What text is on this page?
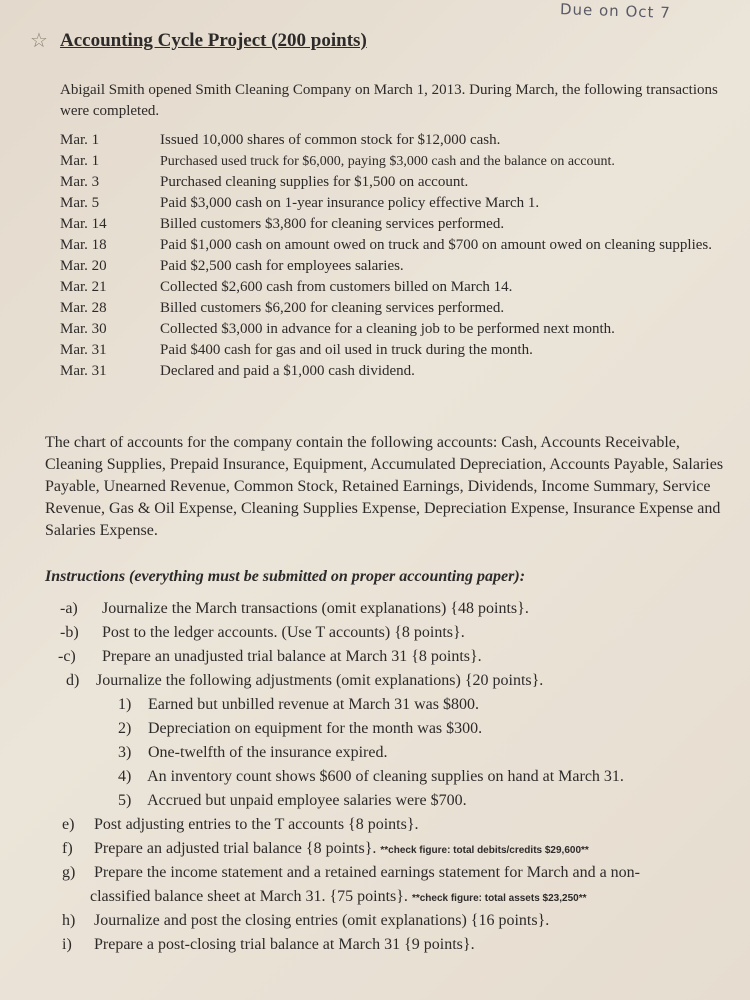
Due on Oct 7
☆ Accounting Cycle Project (200 points)
Abigail Smith opened Smith Cleaning Company on March 1, 2013. During March, the following transactions were completed.
Mar. 1	Issued 10,000 shares of common stock for $12,000 cash.
Mar. 1	Purchased used truck for $6,000, paying $3,000 cash and the balance on account.
Mar. 3	Purchased cleaning supplies for $1,500 on account.
Mar. 5	Paid $3,000 cash on 1-year insurance policy effective March 1.
Mar. 14	Billed customers $3,800 for cleaning services performed.
Mar. 18	Paid $1,000 cash on amount owed on truck and $700 on amount owed on cleaning supplies.
Mar. 20	Paid $2,500 cash for employees salaries.
Mar. 21	Collected $2,600 cash from customers billed on March 14.
Mar. 28	Billed customers $6,200 for cleaning services performed.
Mar. 30	Collected $3,000 in advance for a cleaning job to be performed next month.
Mar. 31	Paid $400 cash for gas and oil used in truck during the month.
Mar. 31	Declared and paid a $1,000 cash dividend.
The chart of accounts for the company contain the following accounts: Cash, Accounts Receivable, Cleaning Supplies, Prepaid Insurance, Equipment, Accumulated Depreciation, Accounts Payable, Salaries Payable, Unearned Revenue, Common Stock, Retained Earnings, Dividends, Income Summary, Service Revenue, Gas & Oil Expense, Cleaning Supplies Expense, Depreciation Expense, Insurance Expense and Salaries Expense.
Instructions (everything must be submitted on proper accounting paper):
-a) Journalize the March transactions (omit explanations) {48 points}.
-b) Post to the ledger accounts. (Use T accounts) {8 points}.
-c) Prepare an unadjusted trial balance at March 31 {8 points}.
d) Journalize the following adjustments (omit explanations) {20 points}.
1) Earned but unbilled revenue at March 31 was $800.
2) Depreciation on equipment for the month was $300.
3) One-twelfth of the insurance expired.
4) An inventory count shows $600 of cleaning supplies on hand at March 31.
5) Accrued but unpaid employee salaries were $700.
e) Post adjusting entries to the T accounts {8 points}.
f) Prepare an adjusted trial balance {8 points}. **check figure: total debits/credits $29,600**
g) Prepare the income statement and a retained earnings statement for March and a non-
classified balance sheet at March 31. {75 points}. **check figure: total assets $23,250**
h) Journalize and post the closing entries (omit explanations) {16 points}.
i) Prepare a post-closing trial balance at March 31 {9 points}.
